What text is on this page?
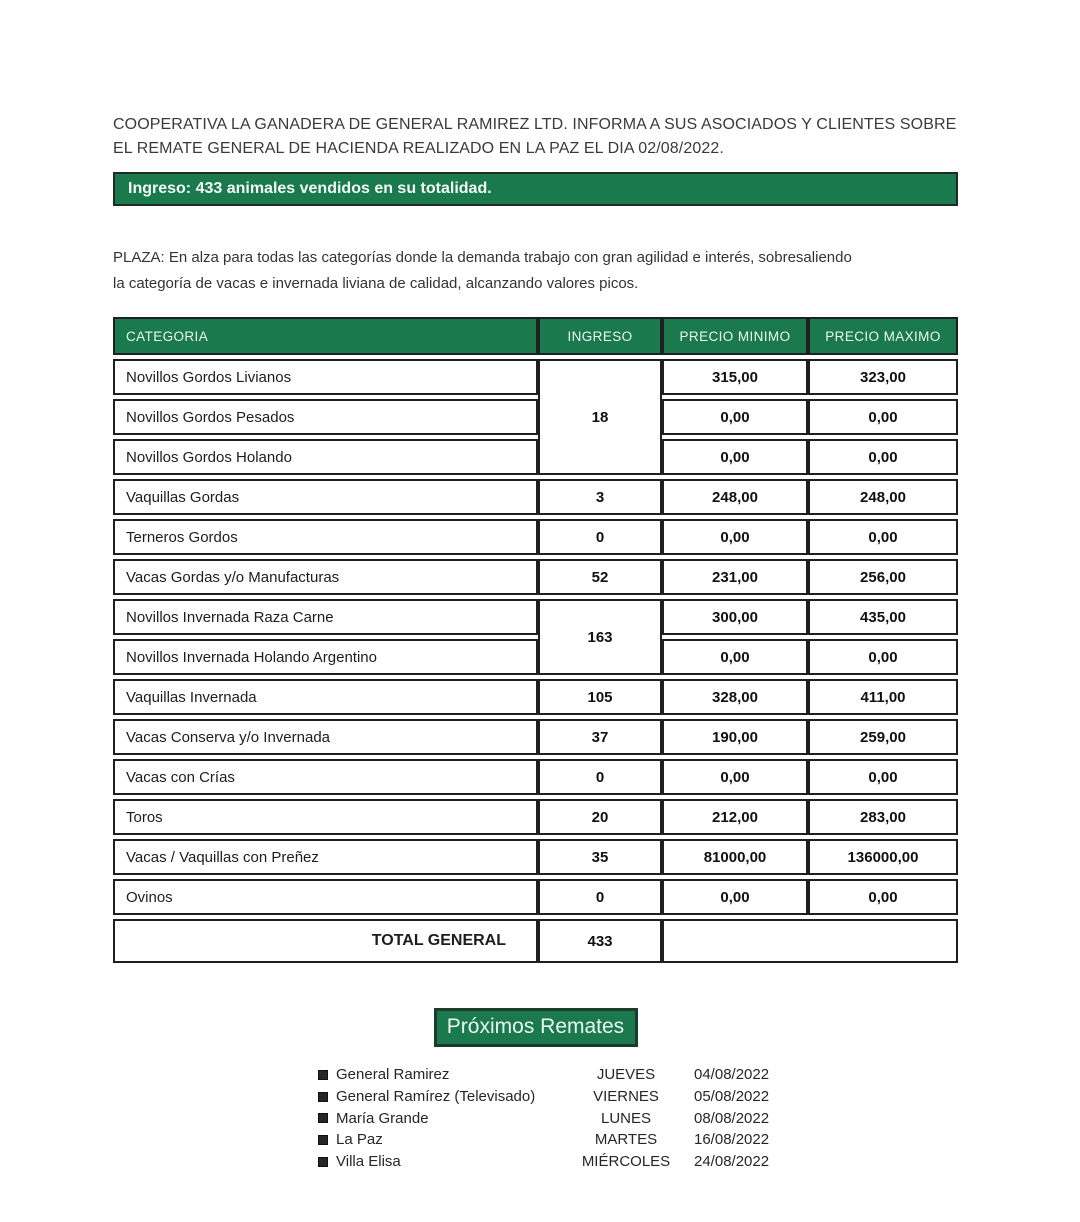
COOPERATIVA LA GANADERA DE GENERAL RAMIREZ LTD. INFORMA A SUS ASOCIADOS Y CLIENTES SOBRE
EL REMATE GENERAL DE HACIENDA REALIZADO EN LA PAZ EL DIA 02/08/2022.
Ingreso: 433 animales vendidos en su totalidad.
PLAZA: En alza para todas las categorías donde la demanda trabajo con gran agilidad e interés, sobresaliendo
la categoría de vacas e invernada liviana de calidad, alcanzando valores picos.
CATEGORIA	INGRESO	PRECIO MINIMO	PRECIO MAXIMO
Novillos Gordos Livianos	18	315,00	323,00
Novillos Gordos Pesados		0,00	0,00
Novillos Gordos Holando		0,00	0,00
Vaquillas Gordas	3	248,00	248,00
Terneros Gordos	0	0,00	0,00
Vacas Gordas y/o Manufacturas	52	231,00	256,00
Novillos Invernada Raza Carne	163	300,00	435,00
Novillos Invernada Holando Argentino		0,00	0,00
Vaquillas Invernada	105	328,00	411,00
Vacas Conserva y/o Invernada	37	190,00	259,00
Vacas con Crías	0	0,00	0,00
Toros	20	212,00	283,00
Vacas / Vaquillas con Preñez	35	81000,00	136000,00
Ovinos	0	0,00	0,00
TOTAL GENERAL	433		
Próximos Remates
General Ramirez	JUEVES	04/08/2022
General Ramírez (Televisado)	VIERNES	05/08/2022
María Grande	LUNES	08/08/2022
La Paz	MARTES	16/08/2022
Villa Elisa	MIÉRCOLES	24/08/2022
